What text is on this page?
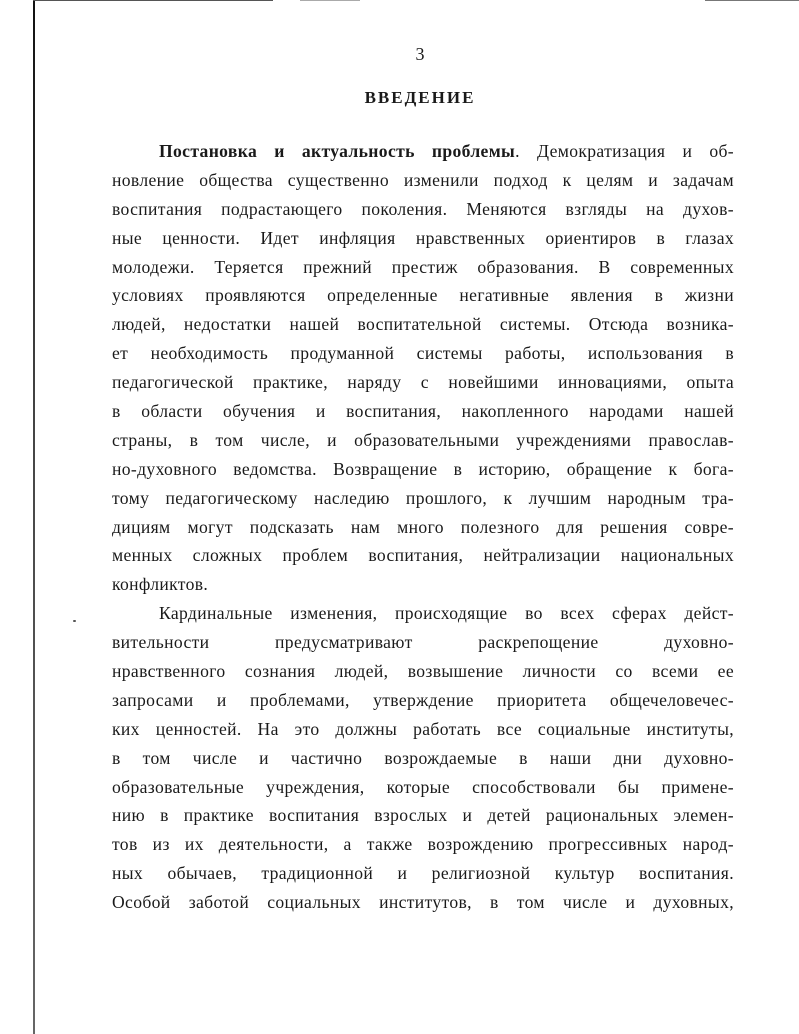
3
ВВЕДЕНИЕ
Постановка и актуальность проблемы. Демократизация и об-
новление общества существенно изменили подход к целям и задачам
воспитания подрастающего поколения. Меняются взгляды на духов-
ные ценности. Идет инфляция нравственных ориентиров в глазах
молодежи. Теряется прежний престиж образования. В современных
условиях проявляются определенные негативные явления в жизни
людей, недостатки нашей воспитательной системы. Отсюда возника-
ет необходимость продуманной системы работы, использования в
педагогической практике, наряду с новейшими инновациями, опыта
в области обучения и воспитания, накопленного народами нашей
страны, в том числе, и образовательными учреждениями православ-
но-духовного ведомства. Возвращение в историю, обращение к бога-
тому педагогическому наследию прошлого, к лучшим народным тра-
дициям могут подсказать нам много полезного для решения совре-
менных сложных проблем воспитания, нейтрализации национальных
конфликтов.
Кардинальные изменения, происходящие во всех сферах дейст-
вительности предусматривают раскрепощение духовно-
нравственного сознания людей, возвышение личности со всеми ее
запросами и проблемами, утверждение приоритета общечеловечес-
ких ценностей. На это должны работать все социальные институты,
в том числе и частично возрождаемые в наши дни духовно-
образовательные учреждения, которые способствовали бы примене-
нию в практике воспитания взрослых и детей рациональных элемен-
тов из их деятельности, а также возрождению прогрессивных народ-
ных обычаев, традиционной и религиозной культур воспитания.
Особой заботой социальных институтов, в том числе и духовных,
